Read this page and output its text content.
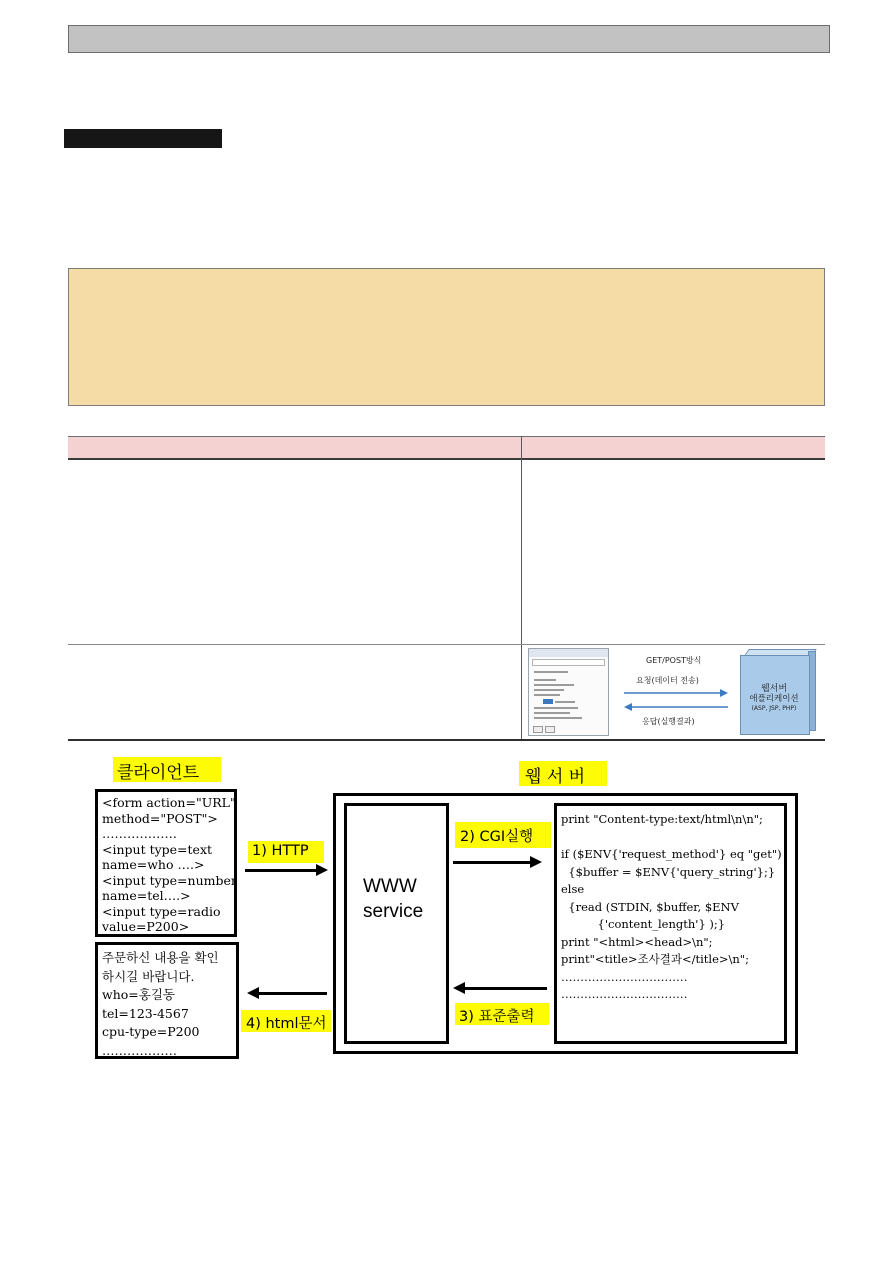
GET/POST방식
요청(데이터 전송)
응답(실행결과)
웹서버
애플리케이션
(ASP, JSP, PHP)
클라이언트	웹 서 버
<form action="URL"
method="POST">
………………
<input type=text
name=who ….>
<input type=number
name=tel….>
<input type=radio
value=P200>
주문하신 내용을 확인
하시길 바랍니다.
who=홍길동
tel=123-4567
cpu-type=P200
………………
1) HTTP
4) html문서
WWW
service
2) CGI실행
3) 표준출력
print "Content-type:text/html\n\n";
if ($ENV{'request_method'} eq "get")
{$buffer = $ENV{'query_string'};}
else
{read (STDIN, $buffer, $ENV
{'content_length'} );}
print "<html><head>\n";
print"<title>조사결과</title>\n";
……………………………
……………………………
